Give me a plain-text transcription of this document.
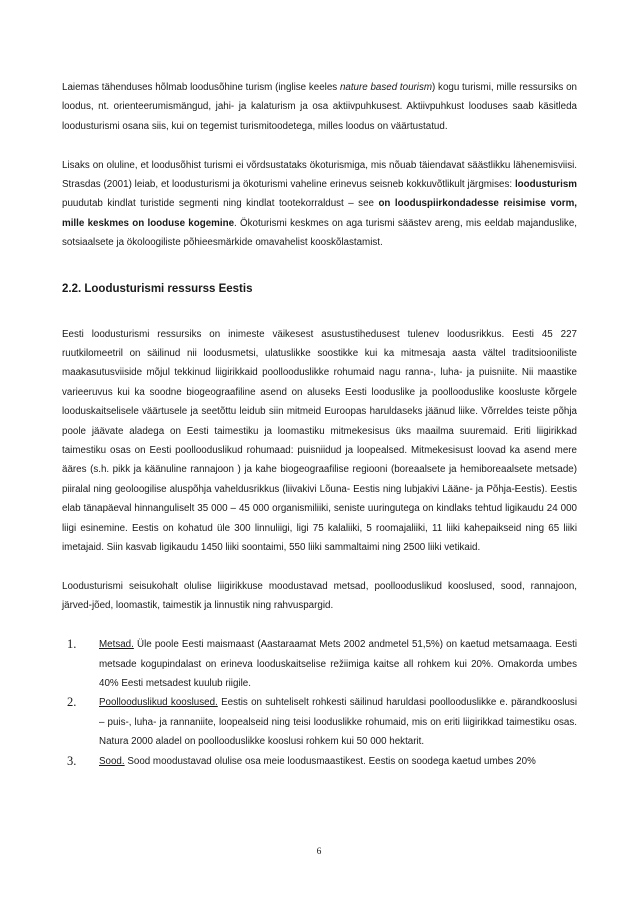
Laiemas tähenduses hõlmab loodusõhine turism (inglise keeles nature based tourism) kogu turismi, mille ressursiks on loodus, nt. orienteerumismängud, jahi- ja kalaturism ja osa aktiivpuhkusest. Aktiivpuhkust looduses saab käsitleda loodusturismi osana siis, kui on tegemist turismitoodetega, milles loodus on väärtustatud.

Lisaks on oluline, et loodusõhist turismi ei võrdsustataks ökoturismiga, mis nõuab täiendavat säästlikku lähenemisviisi. Strasdas (2001) leiab, et loodusturismi ja ökoturismi vaheline erinevus seisneb kokkuvõtlikult järgmises: loodusturism puudutab kindlat turistide segmenti ning kindlat tootekorraldust – see on looduspiirkondadesse reisimise vorm, mille keskmes on looduse kogemine. Ökoturismi keskmes on aga turismi säästev areng, mis eeldab majanduslike, sotsiaalsete ja ökoloogiliste põhieesmärkide omavahelist kooskõlastamist.

2.2. Loodusturismi ressurss Eestis

Eesti loodusturismi ressursiks on inimeste väikesest asustustihedusest tulenev loodusrikkus. Eesti 45 227 ruutkilomeetril on säilinud nii loodusmetsi, ulatuslikke soostikke kui ka mitmesaja aasta vältel traditsiooniliste maakasutusviiside mõjul tekkinud liigirikkaid poollooduslikke rohumaid nagu ranna-, luha- ja puisniite. Nii maastike varieeruvus kui ka soodne biogeograafiline asend on aluseks Eesti looduslike ja poollooduslike koosluste kõrgele looduskaitselisele väärtusele ja seetõttu leidub siin mitmeid Euroopas haruldaseks jäänud liike. Võrreldes teiste põhja poole jäävate aladega on Eesti taimestiku ja loomastiku mitmekesisus üks maailma suuremaid. Eriti liigirikkad taimestiku osas on Eesti poollooduslikud rohumaad: puisniidud ja loopealsed. Mitmekesisust loovad ka asend mere ääres (s.h. pikk ja käänuline rannajoon ) ja kahe biogeograafilise regiooni (boreaalsete ja hemiboreaalsete metsade) piiralal ning geoloogilise aluspõhja vaheldusrikkus (liivakivi Lõuna- Eestis ning lubjakivi Lääne- ja Põhja-Eestis). Eestis elab tänapäeval hinnanguliselt 35 000 – 45 000 organismiliiki, seniste uuringutega on kindlaks tehtud ligikaudu 24 000 liigi esinemine. Eestis on kohatud üle 300 linnuliigi, ligi 75 kalaliiki, 5 roomajaliiki, 11 liiki kahepaikseid ning 65 liiki imetajaid. Siin kasvab ligikaudu 1450 liiki soontaimi, 550 liiki sammaltaimi ning 2500 liiki vetikaid.

Loodusturismi seisukohalt olulise liigirikkuse moodustavad metsad, poollooduslikud kooslused, sood, rannajoon, järved-jõed, loomastik, taimestik ja linnustik ning rahvuspargid.

1. Metsad. Üle poole Eesti maismaast (Aastaraamat Mets 2002 andmetel 51,5%) on kaetud metsamaaga. Eesti metsade kogupindalast on erineva looduskaitselise režiimiga kaitse all rohkem kui 20%. Omakorda umbes 40% Eesti metsadest kuulub riigile.
2. Poollooduslikud kooslused. Eestis on suhteliselt rohkesti säilinud haruldasi poollooduslikke e. pärandkooslusi – puis-, luha- ja rannaniite, loopealseid ning teisi looduslikke rohumaid, mis on eriti liigirikkad taimestiku osas. Natura 2000 aladel on poollooduslikke kooslusi rohkem kui 50 000 hektarit.
3. Sood. Sood moodustavad olulise osa meie loodusmaastikest. Eestis on soodega kaetud umbes 20%
6
